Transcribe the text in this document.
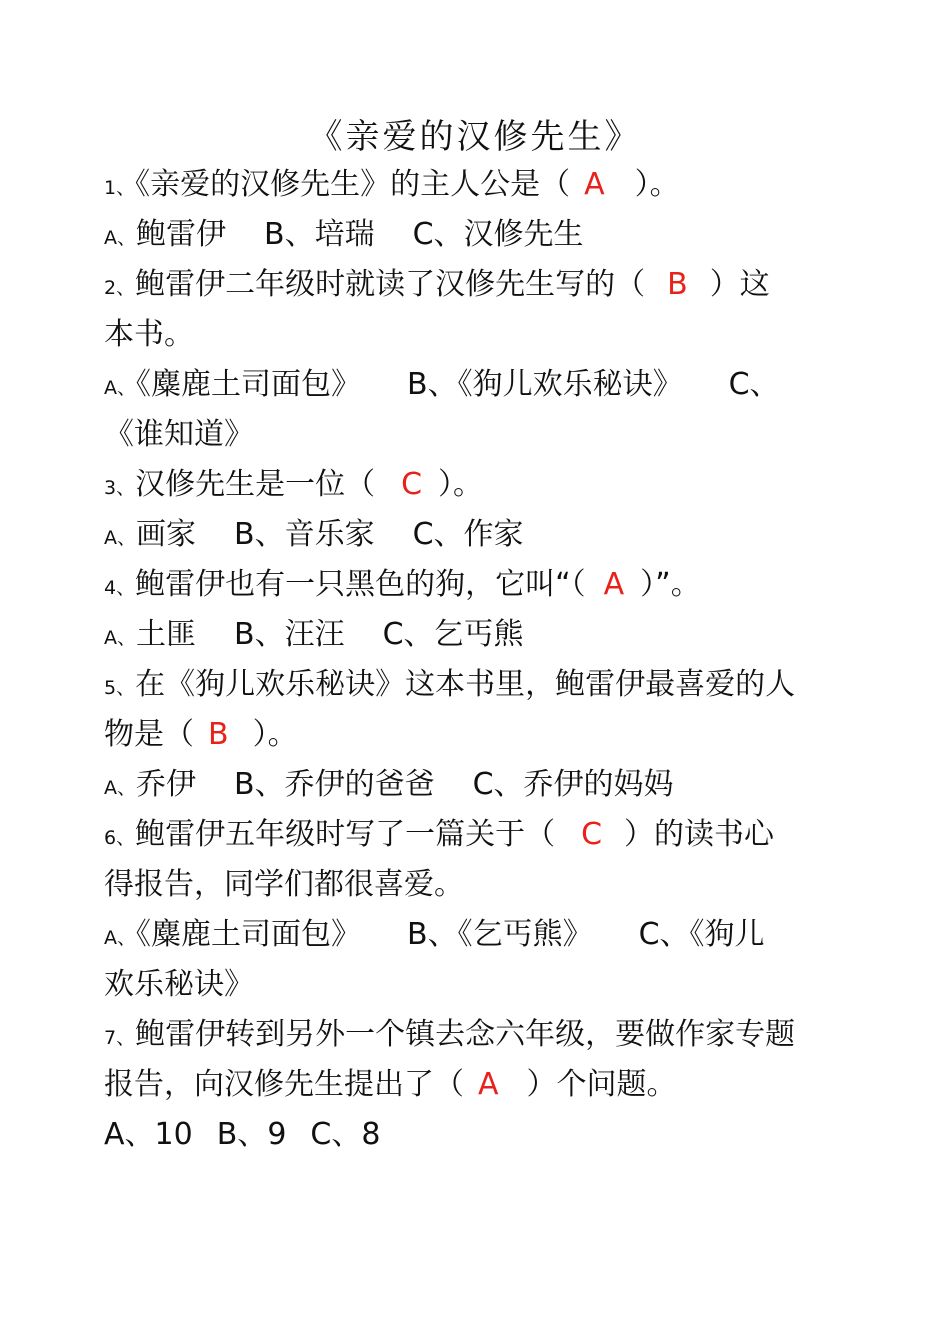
《亲爱的汉修先生》
1、《亲爱的汉修先生》的主人公是（ A ）。
A、鲍雷伊 B、培瑞 C、汉修先生
2、鲍雷伊二年级时就读了汉修先生写的（ B ）这
本书。
A、《麋鹿土司面包》 B、《狗儿欢乐秘诀》 C、
《谁知道》
3、汉修先生是一位（ C ）。
A、画家 B、音乐家 C、作家
4、鲍雷伊也有一只黑色的狗，它叫“（ A ）”。
A、土匪 B、汪汪 C、乞丐熊
5、在《狗儿欢乐秘诀》这本书里，鲍雷伊最喜爱的人
物是（ B ）。
A、乔伊 B、乔伊的爸爸 C、乔伊的妈妈
6、鲍雷伊五年级时写了一篇关于（ C ）的读书心
得报告，同学们都很喜爱。
A、《麋鹿土司面包》 B、《乞丐熊》 C、《狗儿
欢乐秘诀》
7、鲍雷伊转到另外一个镇去念六年级，要做作家专题
报告，向汉修先生提出了（ A ）个问题。
A、10 B、9 C、8
